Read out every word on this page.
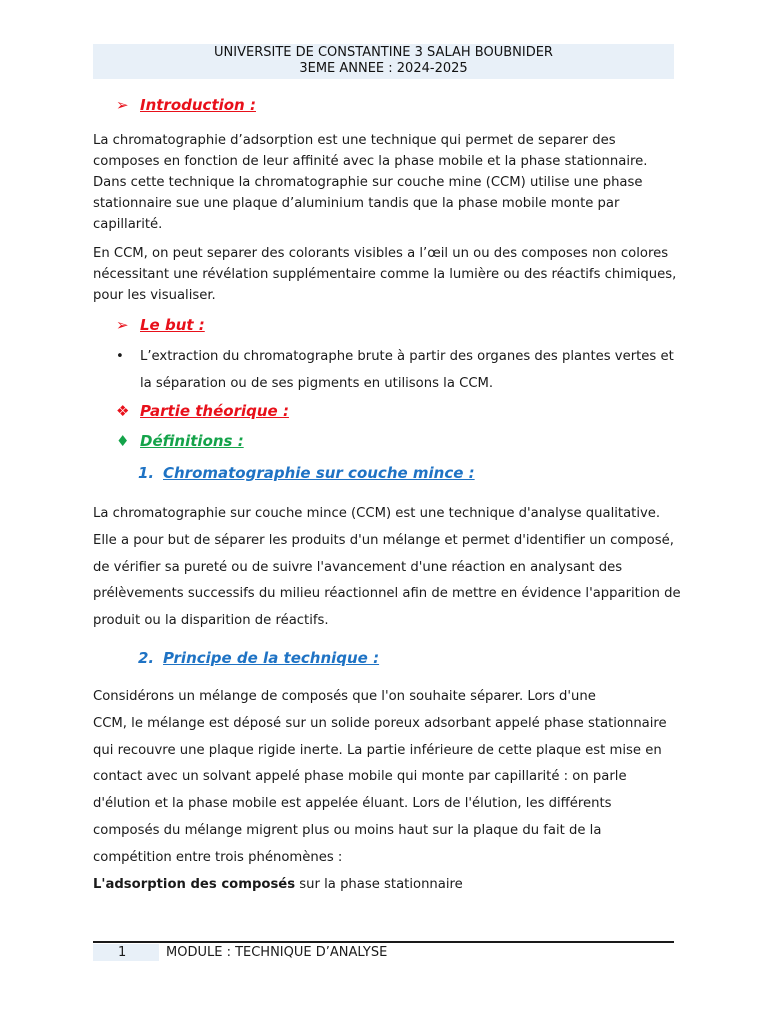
UNIVERSITE DE CONSTANTINE 3 SALAH BOUBNIDER
3EME ANNEE : 2024-2025
➢ Introduction :

La chromatographie d’adsorption est une technique qui permet de separer des composes en fonction de leur affinité avec la phase mobile et la phase stationnaire. Dans cette technique la chromatographie sur couche mine (CCM) utilise une phase stationnaire sue une plaque d’aluminium tandis que la phase mobile monte par capillarité.

En CCM, on peut separer des colorants visibles a l’œil un ou des composes non colores nécessitant une révélation supplémentaire comme la lumière ou des réactifs chimiques, pour les visualiser.

➢ Le but :
•	L’extraction du chromatographe brute à partir des organes des plantes vertes et la séparation ou de ses pigments en utilisons la CCM.
❖ Partie théorique :
♦ Définitions :
1. Chromatographie sur couche mince :

La chromatographie sur couche mince (CCM) est une technique d'analyse qualitative. Elle a pour but de séparer les produits d'un mélange et permet d'identifier un composé, de vérifier sa pureté ou de suivre l'avancement d'une réaction en analysant des prélèvements successifs du milieu réactionnel afin de mettre en évidence l'apparition de produit ou la disparition de réactifs.

2. Principe de la technique :
Considérons un mélange de composés que l'on souhaite séparer. Lors d'une
CCM, le mélange est déposé sur un solide poreux adsorbant appelé phase stationnaire
qui recouvre une plaque rigide inerte. La partie inférieure de cette plaque est mise en
contact avec un solvant appelé phase mobile qui monte par capillarité : on parle
d'élution et la phase mobile est appelée éluant. Lors de l'élution, les différents
composés du mélange migrent plus ou moins haut sur la plaque du fait de la
compétition entre trois phénomènes :
L'adsorption des composés sur la phase stationnaire
1	MODULE : TECHNIQUE D’ANALYSE
